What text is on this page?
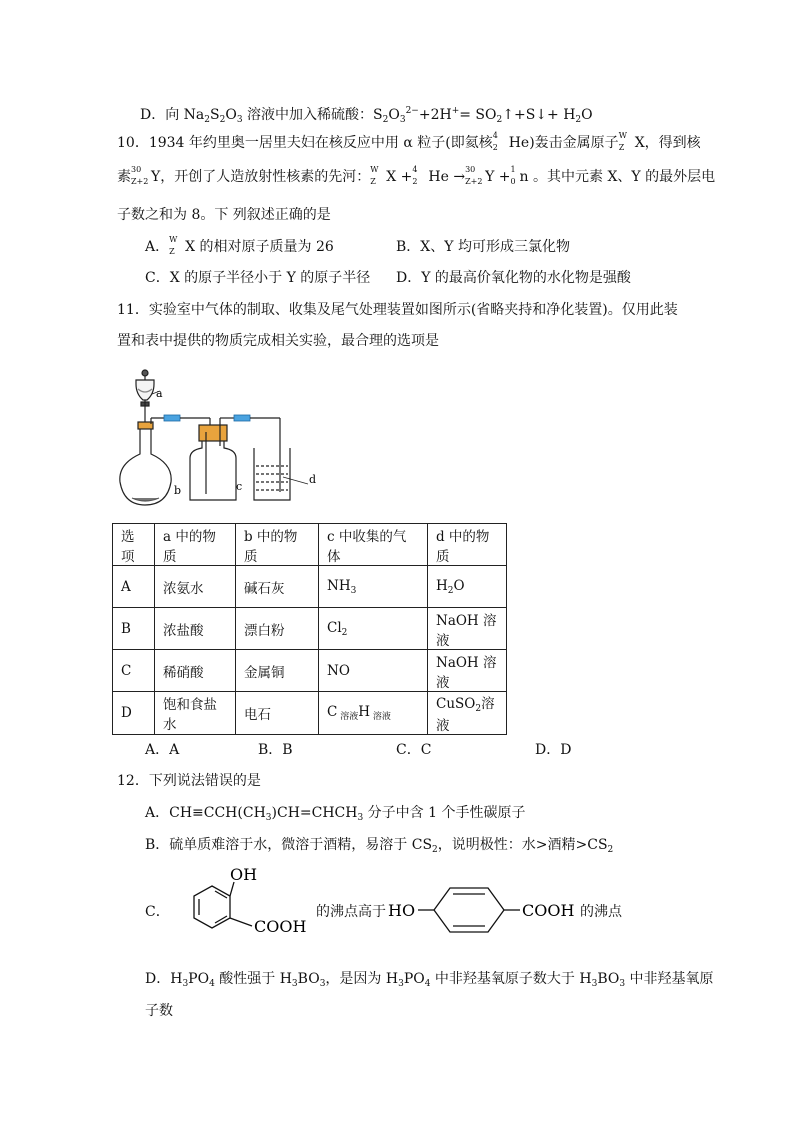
D．向 $Na_2S_2O_3$ 溶液中加入稀硫酸：$S_2O_3^{2-}+2H^+=$ $SO_2↑+S↓+ H_2O$
10．1934 年约里奥一居里夫妇在核反应中用 α 粒子(即氦核 4
2 He)轰击金属原子 W
Z X，得到核
素 30
Z+2 Y，开创了人造放射性核素的先河： W
Z X + 4
2 He → 30
Z+2 Y + 1
0 n 。其中元素 X、Y 的最外层电
子数之和为 8。下 列叙述正确的是
A． W
Z X 的相对原子质量为 26	B．X、Y 均可形成三氯化物
C．X 的原子半径小于 Y 的原子半径 D．Y 的最高价氧化物的水化物是强酸
11．实验室中气体的制取、收集及尾气处理装置如图所示(省略夹持和净化装置)。仅用此装
置和表中提供的物质完成相关实验，最合理的选项是
a
b	c
d
选项	a 中的物质	b 中的物质	c 中收集的气体	d 中的物质
A	浓氨水	碱石灰	$NH_3$	$H_2O$
B	浓盐酸	漂白粉	$Cl_2$	NaOH 溶液
C	稀硝酸	金属铜	NO	NaOH 溶液
D	饱和食盐水	电石	C $_{溶液}$H $_{溶液}$	CuSO$_2$溶液
A．A	B．B	C．C	D．D
12．下列说法错误的是
A．$CH\equiv CCH(CH_3)CH=CHCH_3$ 分子中含 1 个手性碳原子
B．硫单质难溶于水，微溶于酒精，易溶于 $CS_2$，说明极性：水>酒精$>CS_2$
C．
OH
COOH
的沸点高于 HO	COOH 的沸点
D．$H_3PO_4$ 酸性强于 $H_3BO_3$，是因为 $H_3PO_4$ 中非羟基氧原子数大于 $H_3BO_3$ 中非羟基氧原
子数
